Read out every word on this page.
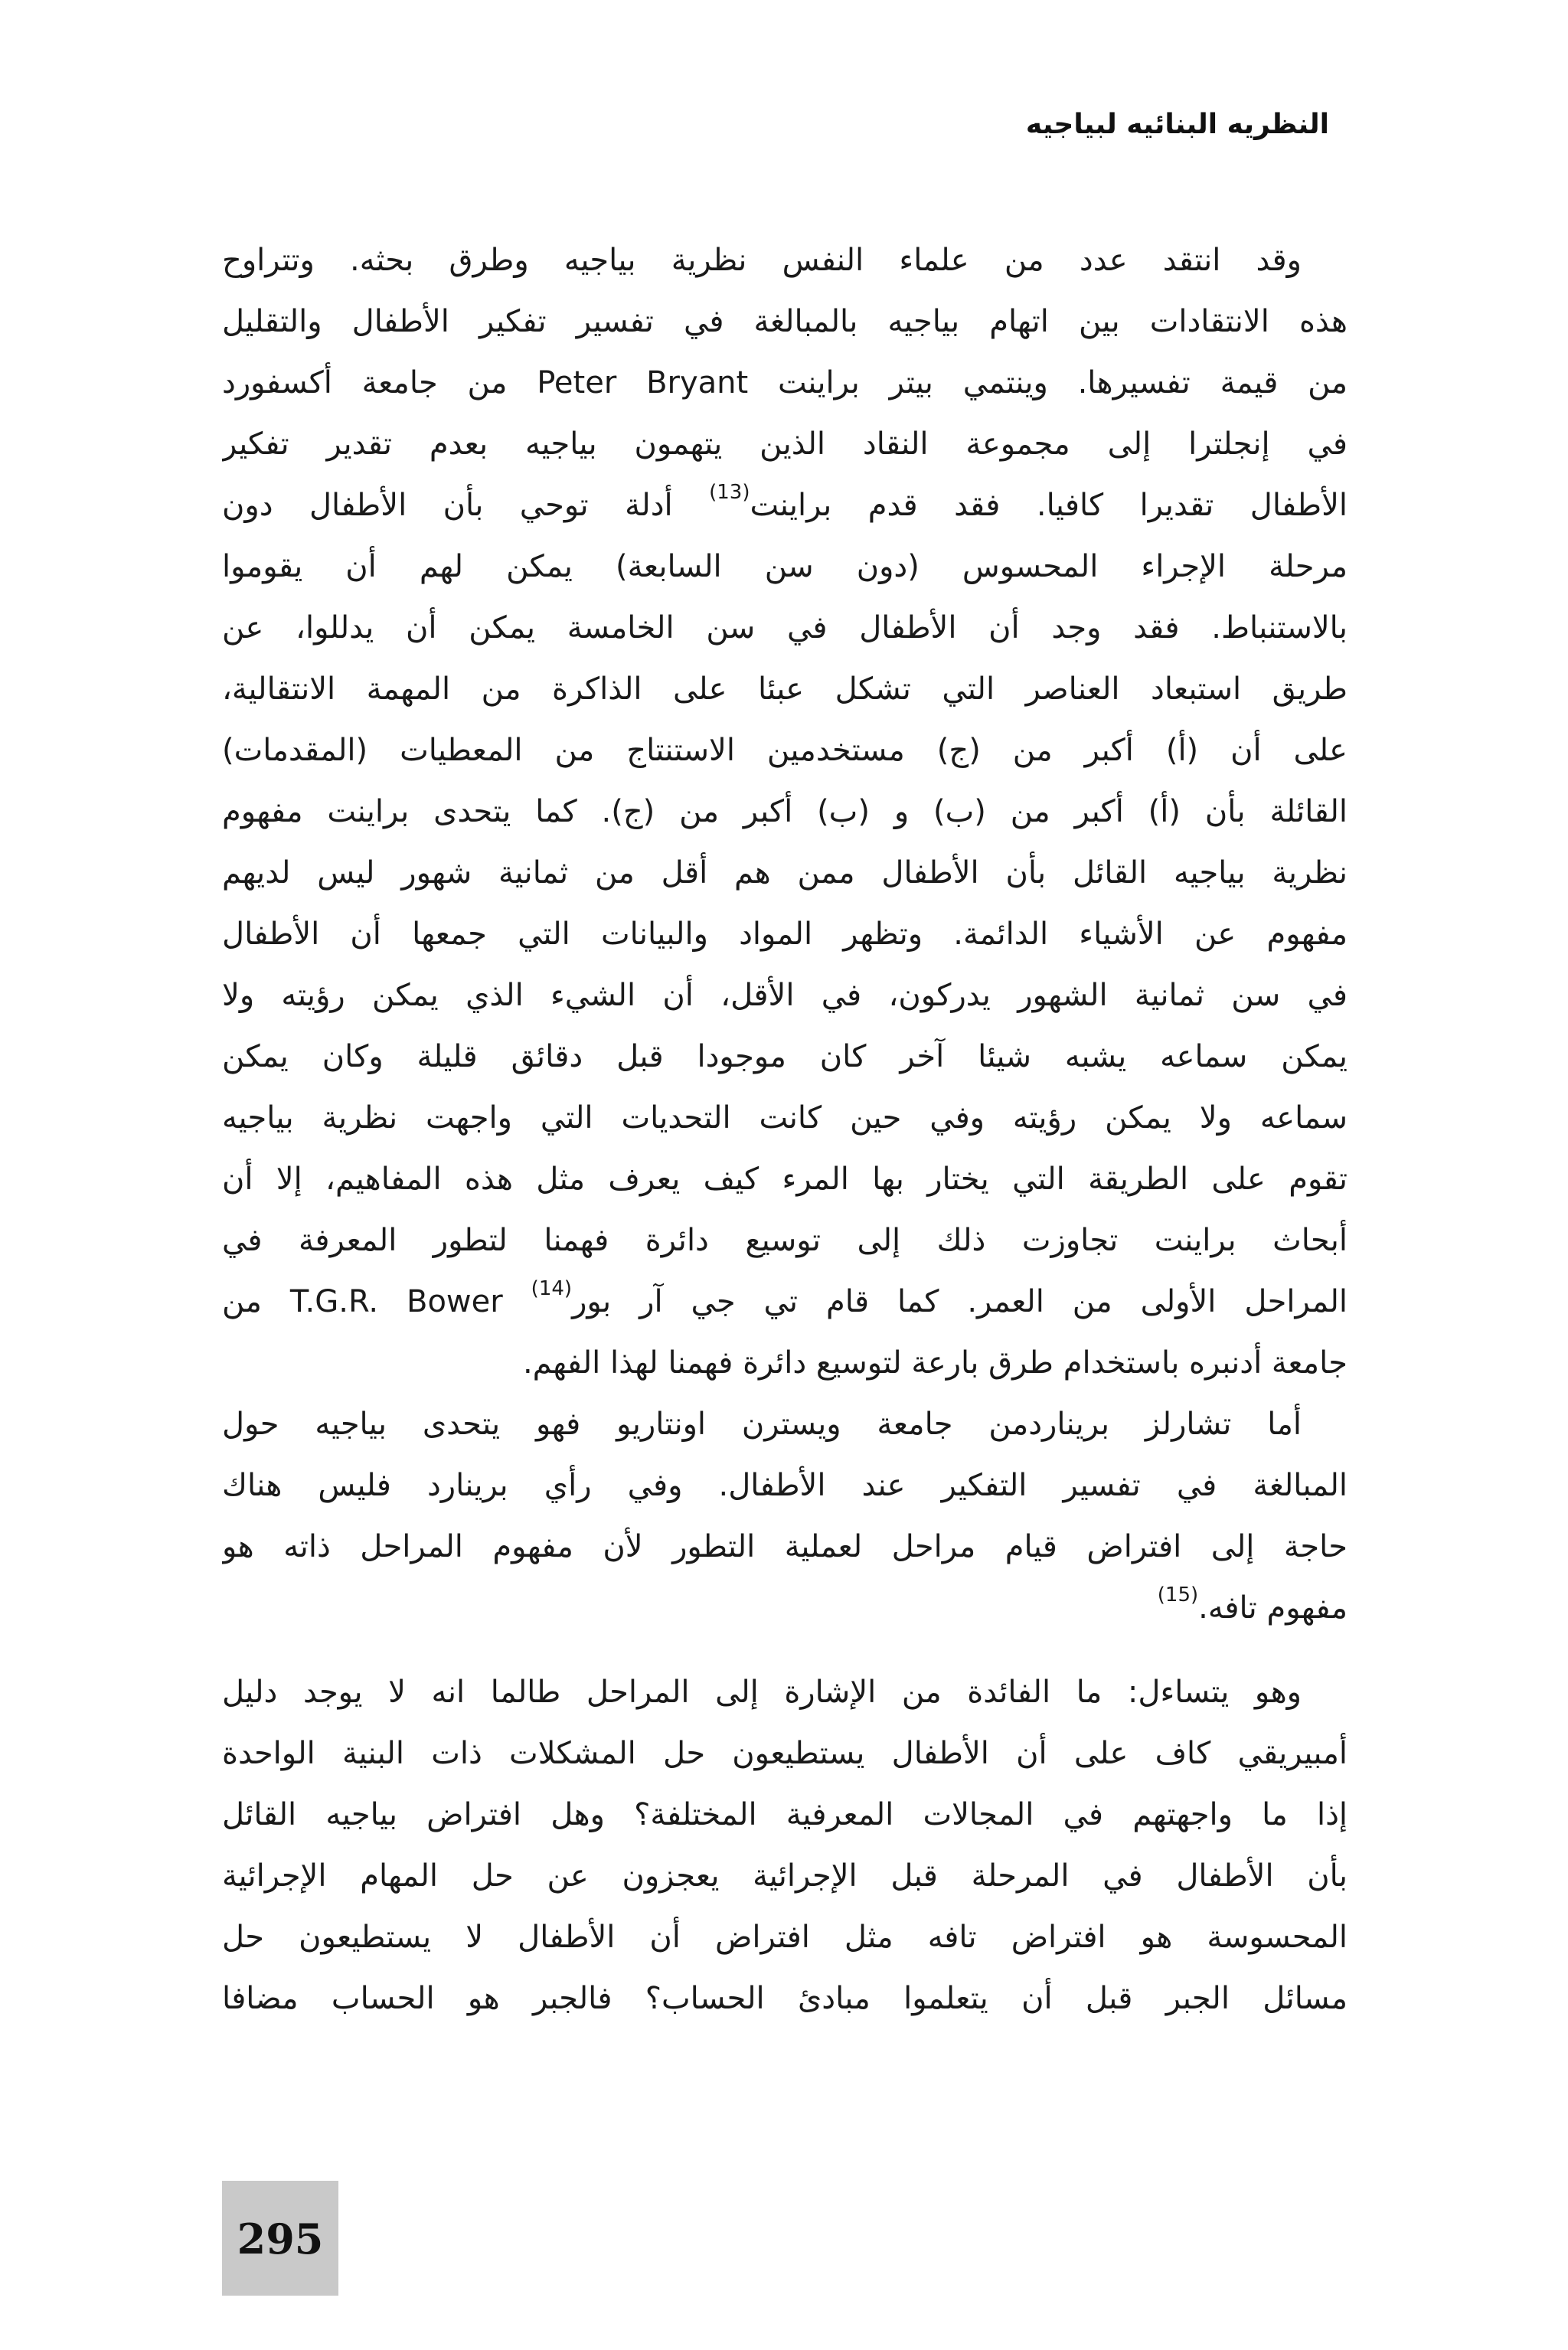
النظريه البنائيه لبياجيه
وقد انتقد عدد من علماء النفس نظرية بياجيه وطرق بحثه. وتتراوح
هذه الانتقادات بين اتهام بياجيه بالمبالغة في تفسير تفكير الأطفال والتقليل
من قيمة تفسيرها. وينتمي بيتر براينت Peter Bryant من جامعة أكسفورد
في إنجلترا إلى مجموعة النقاد الذين يتهمون بياجيه بعدم تقدير تفكير
الأطفال تقديرا كافيا. فقد قدم براينت$^{(13)}$ أدلة توحي بأن الأطفال دون
مرحلة الإجراء المحسوس (دون سن السابعة) يمكن لهم أن يقوموا
بالاستنباط. فقد وجد أن الأطفال في سن الخامسة يمكن أن يدللوا، عن
طريق استبعاد العناصر التي تشكل عبئا على الذاكرة من المهمة الانتقالية،
على أن (أ) أكبر من (ج) مستخدمين الاستنتاج من المعطيات (المقدمات)
القائلة بأن (أ) أكبر من (ب) و (ب) أكبر من (ج). كما يتحدى براينت مفهوم
نظرية بياجيه القائل بأن الأطفال ممن هم أقل من ثمانية شهور ليس لديهم
مفهوم عن الأشياء الدائمة. وتظهر المواد والبيانات التي جمعها أن الأطفال
في سن ثمانية الشهور يدركون، في الأقل، أن الشيء الذي يمكن رؤيته ولا
يمكن سماعه يشبه شيئا آخر كان موجودا قبل دقائق قليلة وكان يمكن
سماعه ولا يمكن رؤيته وفي حين كانت التحديات التي واجهت نظرية بياجيه
تقوم على الطريقة التي يختار بها المرء كيف يعرف مثل هذه المفاهيم، إلا أن
أبحاث براينت تجاوزت ذلك إلى توسيع دائرة فهمنا لتطور المعرفة في
المراحل الأولى من العمر. كما قام تي جي آر بور$^{(14)}$ T.G.R. Bower من
جامعة أدنبره باستخدام طرق بارعة لتوسيع دائرة فهمنا لهذا الفهم.
أما تشارلز بريناردمن جامعة ويسترن اونتاريو فهو يتحدى بياجيه حول
المبالغة في تفسير التفكير عند الأطفال. وفي رأي برينارد فليس هناك
حاجة إلى افتراض قيام مراحل لعملية التطور لأن مفهوم المراحل ذاته هو
مفهوم تافه.$^{(15)}$
وهو يتساءل: ما الفائدة من الإشارة إلى المراحل طالما انه لا يوجد دليل
أمبيريقي كاف على أن الأطفال يستطيعون حل المشكلات ذات البنية الواحدة
إذا ما واجهتهم في المجالات المعرفية المختلفة؟ وهل افتراض بياجيه القائل
بأن الأطفال في المرحلة قبل الإجرائية يعجزون عن حل المهام الإجرائية
المحسوسة هو افتراض تافه مثل افتراض أن الأطفال لا يستطيعون حل
مسائل الجبر قبل أن يتعلموا مبادئ الحساب؟ فالجبر هو الحساب مضافا
295
